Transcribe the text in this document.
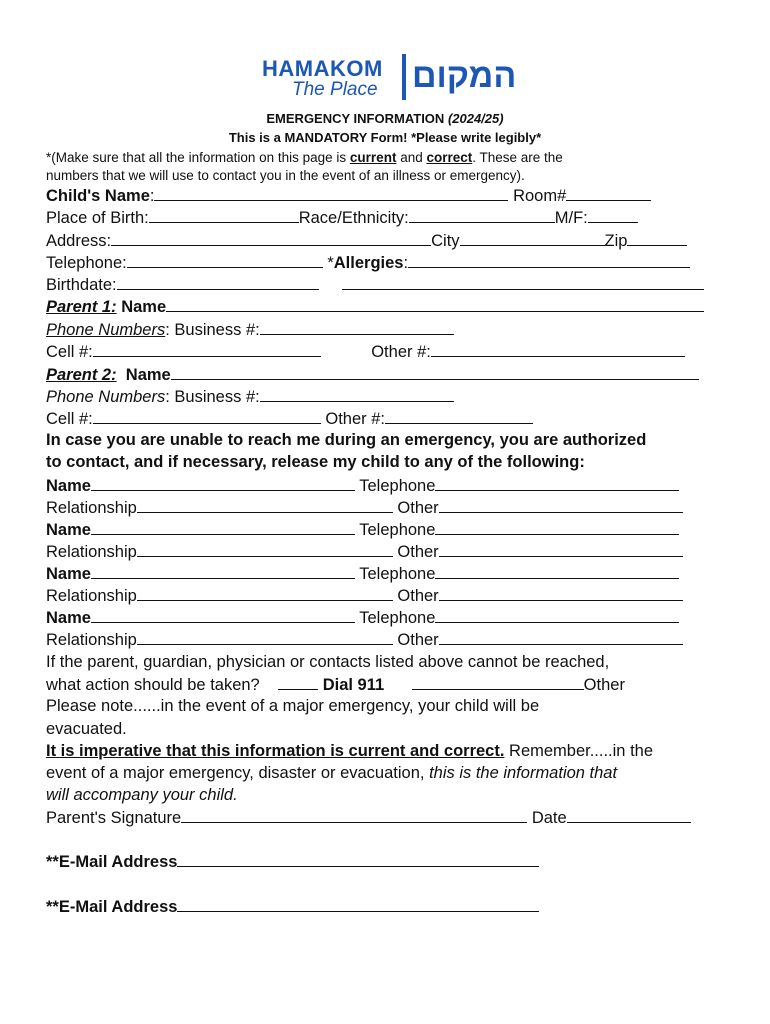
HAMAKOM
The Place המקום
EMERGENCY INFORMATION (2024/25)
This is a MANDATORY Form! *Please write legibly*
*(Make sure that all the information on this page is current and correct. These are the
numbers that we will use to contact you in the event of an illness or emergency).
Child's Name:	Room#
Place of Birth:	Race/Ethnicity:	M/F:
Address:	City	Zip
Telephone:	*Allergies:
Birthdate:
Parent 1: Name
Phone Numbers: Business #:
Cell #:	Other #:
Parent 2: Name
Phone Numbers: Business #:
Cell #:	Other #:
In case you are unable to reach me during an emergency, you are authorized
to contact, and if necessary, release my child to any of the following:
Name	Telephone
Relationship	Other
Name	Telephone
Relationship	Other
Name	Telephone
Relationship	Other
Name	Telephone
Relationship	Other
If the parent, guardian, physician or contacts listed above cannot be reached,
what action should be taken?	Dial 911	Other
Please note......in the event of a major emergency, your child will be
evacuated.
It is imperative that this information is current and correct. Remember.....in the
event of a major emergency, disaster or evacuation, this is the information that
will accompany your child.
Parent's Signature	Date
**E-Mail Address
**E-Mail Address
